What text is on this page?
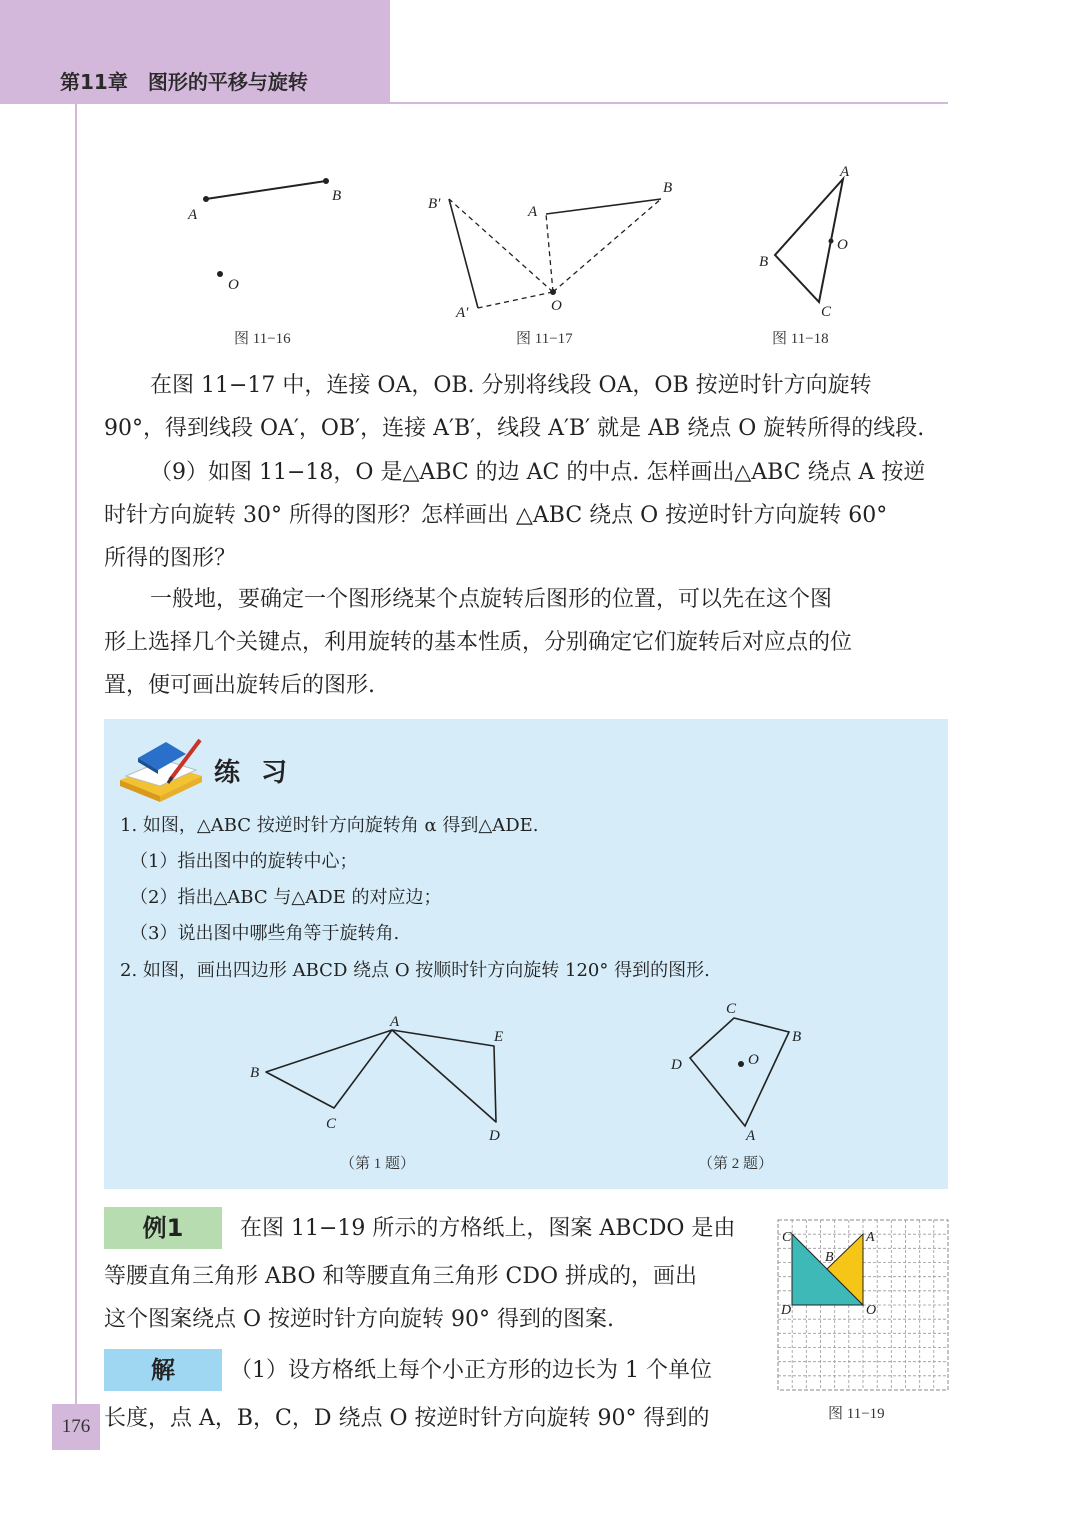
第11章 图形的平移与旋转
A
B
O
图 11−16
A
B
B′
A′	O
图 11−17
A
B
C
O
图 11−18

在图 11−17 中，连接 OA，OB. 分别将线段 OA，OB 按逆时针方向旋转

90°，得到线段 OA′，OB′，连接 A′B′，线段 A′B′ 就是 AB 绕点 O 旋转所得的线段.

（9）如图 11−18，O 是△ABC 的边 AC 的中点. 怎样画出△ABC 绕点 A 按逆

时针方向旋转 30° 所得的图形？怎样画出 △ABC 绕点 O 按逆时针方向旋转 60°

所得的图形？

一般地，要确定一个图形绕某个点旋转后图形的位置，可以先在这个图

形上选择几个关键点，利用旋转的基本性质，分别确定它们旋转后对应点的位

置，便可画出旋转后的图形.

练 习
1. 如图，△ABC 按逆时针方向旋转角 α 得到△ADE.
（1）指出图中的旋转中心；
（2）指出△ABC 与△ADE 的对应边；
（3）说出图中哪些角等于旋转角.
2. 如图，画出四边形 ABCD 绕点 O 按顺时针方向旋转 120° 得到的图形.
A
B
C
D
E
（第 1 题）
C
B
D	O
A
（第 2 题）
例1	在图 11−19 所示的方格纸上，图案 ABCDO 是由

等腰直角三角形 ABO 和等腰直角三角形 CDO 拼成的，画出

这个图案绕点 O 按逆时针方向旋转 90° 得到的图案.

解	（1）设方格纸上每个小正方形的边长为 1 个单位

长度，点 A，B，C，D 绕点 O 按逆时针方向旋转 90° 得到的

C	A
B
D	O
图 11−19
176
